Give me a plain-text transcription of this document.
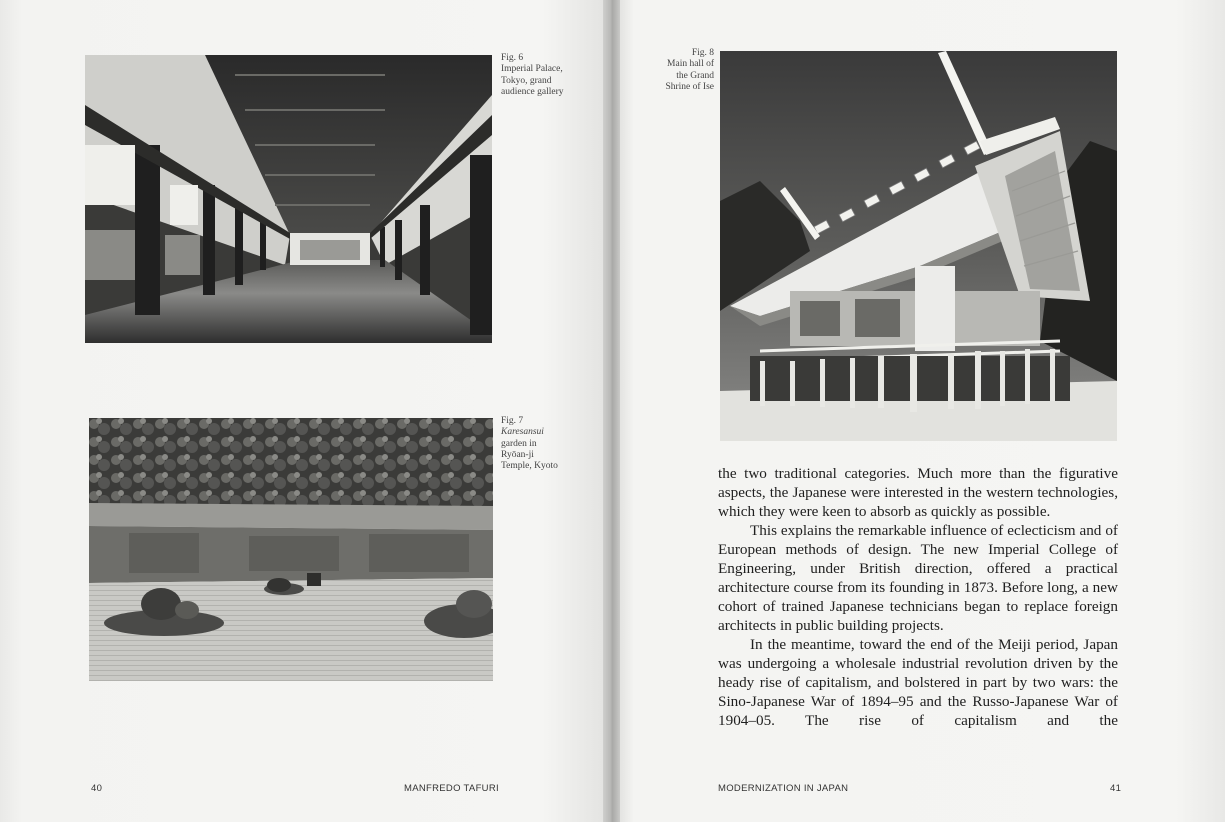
Fig. 6
Imperial Palace,
Tokyo, grand
audience gallery
Fig. 7
Karesansui
garden in
Ryōan-ji
Temple, Kyoto
Fig. 8
Main hall of
the Grand
Shrine of Ise

the two traditional categories. Much more than the figurative aspects, the Japanese were interested in the western technologies, which they were keen to absorb as quickly as possible.

This explains the remarkable influence of eclecticism and of European methods of design. The new Imperial College of Engineering, under British direction, offered a practical architecture course from its founding in 1873. Before long, a new cohort of trained Japanese technicians began to replace foreign architects in public building projects.

In the meantime, toward the end of the Meiji period, Japan was undergoing a wholesale industrial revolution driven by the heady rise of capitalism, and bolstered in part by two wars: the Sino-Japanese War of 1894–95 and the Russo-Japanese War of 1904–05. The rise of capitalism and the

40	MANFREDO TAFURI	MODERNIZATION IN JAPAN	41
